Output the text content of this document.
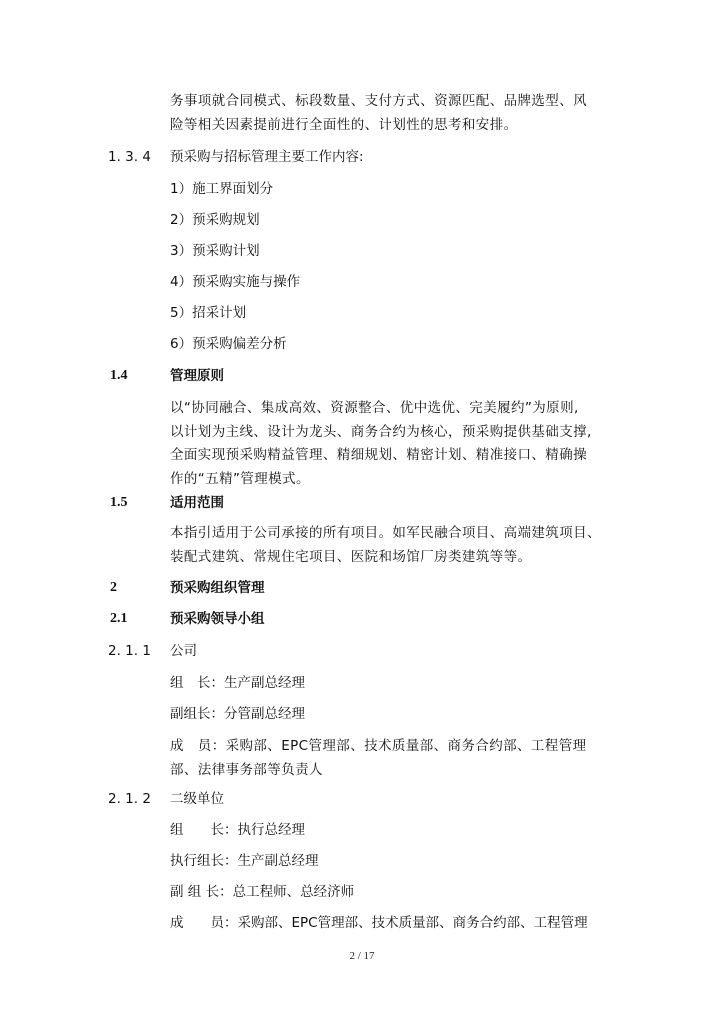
务事项就合同模式、标段数量、支付方式、资源匹配、品牌选型、风
险等相关因素提前进行全面性的、计划性的思考和安排。
1. 3. 4 预采购与招标管理主要工作内容:
1）施工界面划分
2）预采购规划
3）预采购计划
4）预采购实施与操作
5）招采计划
6）预采购偏差分析
1.4	管理原则
以“协同融合、集成高效、资源整合、优中选优、完美履约”为原则,
以计划为主线、设计为龙头、商务合约为核心，预采购提供基础支撑,
全面实现预采购精益管理、精细规划、精密计划、精准接口、精确操
作的“五精”管理模式。
1.5	适用范围
本指引适用于公司承接的所有项目。如军民融合项目、高端建筑项目、
装配式建筑、常规住宅项目、医院和场馆厂房类建筑等等。
2	预采购组织管理
2.1	预采购领导小组
2. 1. 1 公司
组　长：生产副总经理
副组长：分管副总经理
成　员：采购部、EPC管理部、技术质量部、商务合约部、工程管理
部、法律事务部等负责人
2. 1. 2 二级单位
组　　长：执行总经理
执行组长：生产副总经理
副 组 长：总工程师、总经济师
成　　员：采购部、EPC管理部、技术质量部、商务合约部、工程管理
2 / 17
